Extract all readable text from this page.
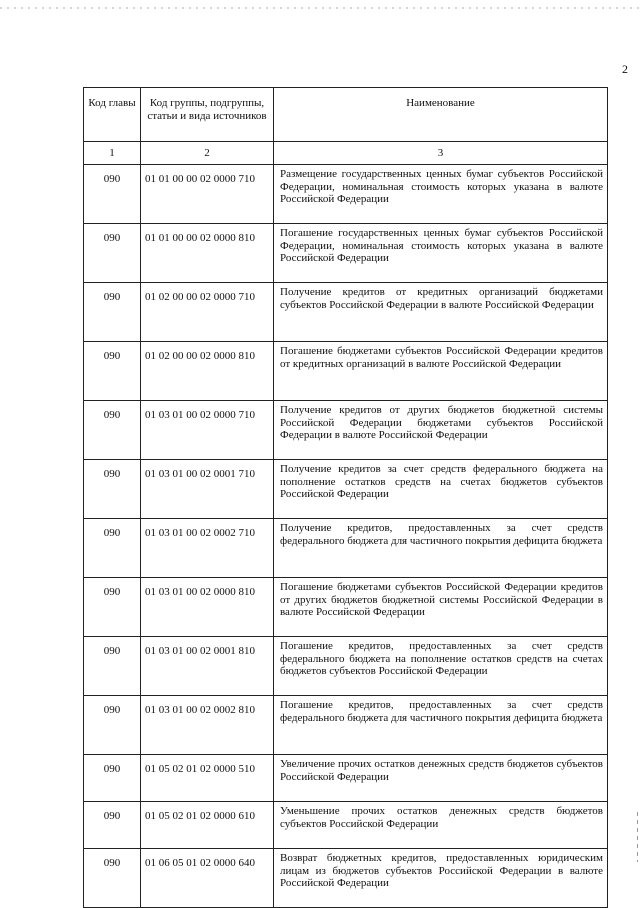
2
Код главы	Код группы, подгруппы, статьи и вида источников	Наименование
1	2	3
090	01 01 00 00 02 0000 710	Размещение государственных ценных бумаг субъектов Российской Федерации, номинальная стоимость которых указана в валюте Российской Федерации
090	01 01 00 00 02 0000 810	Погашение государственных ценных бумаг субъектов Российской Федерации, номинальная стоимость которых указана в валюте Российской Федерации
090	01 02 00 00 02 0000 710	Получение кредитов от кредитных организаций бюджетами субъектов Российской Федерации в валюте Российской Федерации
090	01 02 00 00 02 0000 810	Погашение бюджетами субъектов Российской Федерации кредитов от кредитных организаций в валюте Российской Федерации
090	01 03 01 00 02 0000 710	Получение кредитов от других бюджетов бюджетной системы Российской Федерации бюджетами субъектов Российской Федерации в валюте Российской Федерации
090	01 03 01 00 02 0001 710	Получение кредитов за счет средств федерального бюджета на пополнение остатков средств на счетах бюджетов субъектов Российской Федерации
090	01 03 01 00 02 0002 710	Получение кредитов, предоставленных за счет средств федерального бюджета для частичного покрытия дефицита бюджета
090	01 03 01 00 02 0000 810	Погашение бюджетами субъектов Российской Федерации кредитов от других бюджетов бюджетной системы Российской Федерации в валюте Российской Федерации
090	01 03 01 00 02 0001 810	Погашение кредитов, предоставленных за счет средств федерального бюджета на пополнение остатков средств на счетах бюджетов субъектов Российской Федерации
090	01 03 01 00 02 0002 810	Погашение кредитов, предоставленных за счет средств федерального бюджета для частичного покрытия дефицита бюджета
090	01 05 02 01 02 0000 510	Увеличение прочих остатков денежных средств бюджетов субъектов Российской Федерации
090	01 05 02 01 02 0000 610	Уменьшение прочих остатков денежных средств бюджетов субъектов Российской Федерации
090	01 06 05 01 02 0000 640	Возврат бюджетных кредитов, предоставленных юридическим лицам из бюджетов субъектов Российской Федерации в валюте Российской Федерации
